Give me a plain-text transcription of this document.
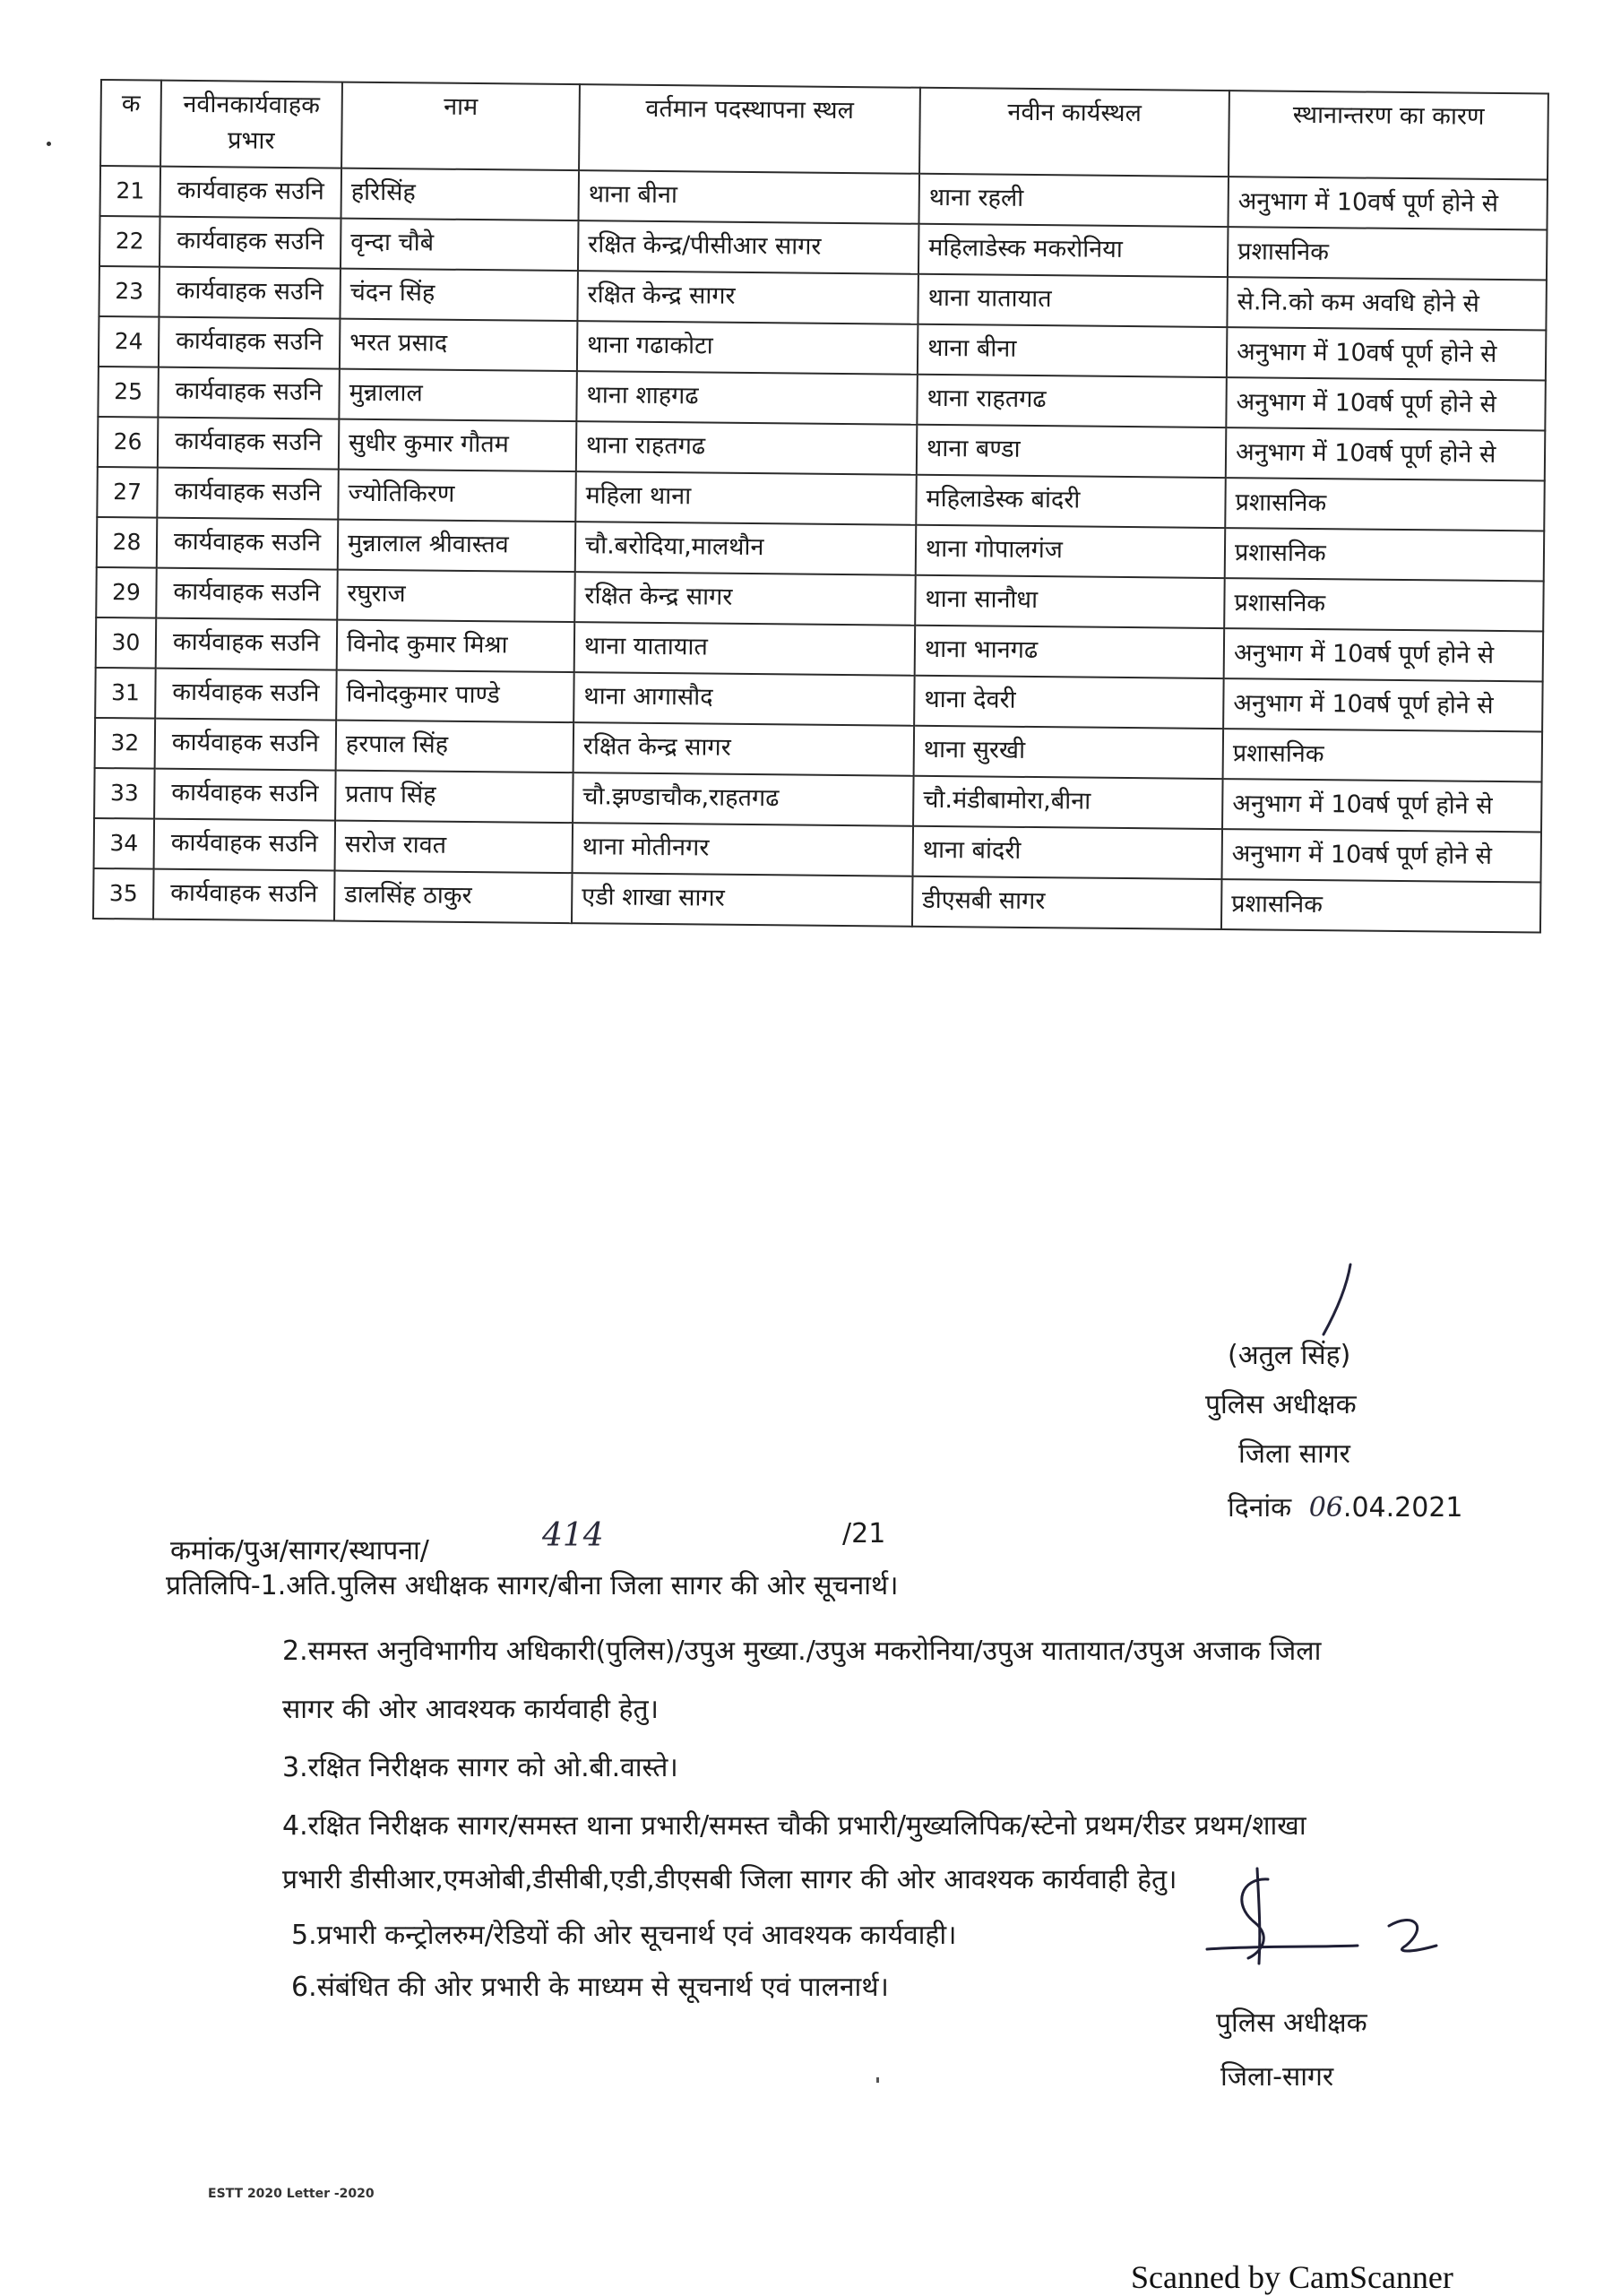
क	नवीनकार्यवाहक प्रभार	नाम	वर्तमान पदस्थापना स्थल	नवीन कार्यस्थल	स्थानान्तरण का कारण
21	कार्यवाहक सउनि	हरिसिंह	थाना बीना	थाना रहली	अनुभाग में 10वर्ष पूर्ण होने से
22	कार्यवाहक सउनि	वृन्दा चौबे	रक्षित केन्द्र/पीसीआर सागर	महिलाडेस्क मकरोनिया	प्रशासनिक
23	कार्यवाहक सउनि	चंदन सिंह	रक्षित केन्द्र सागर	थाना यातायात	से.नि.को कम अवधि होने से
24	कार्यवाहक सउनि	भरत प्रसाद	थाना गढाकोटा	थाना बीना	अनुभाग में 10वर्ष पूर्ण होने से
25	कार्यवाहक सउनि	मुन्नालाल	थाना शाहगढ	थाना राहतगढ	अनुभाग में 10वर्ष पूर्ण होने से
26	कार्यवाहक सउनि	सुधीर कुमार गौतम	थाना राहतगढ	थाना बण्डा	अनुभाग में 10वर्ष पूर्ण होने से
27	कार्यवाहक सउनि	ज्योतिकिरण	महिला थाना	महिलाडेस्क बांदरी	प्रशासनिक
28	कार्यवाहक सउनि	मुन्नालाल श्रीवास्तव	चौ.बरोदिया,मालथौन	थाना गोपालगंज	प्रशासनिक
29	कार्यवाहक सउनि	रघुराज	रक्षित केन्द्र सागर	थाना सानौधा	प्रशासनिक
30	कार्यवाहक सउनि	विनोद कुमार मिश्रा	थाना यातायात	थाना भानगढ	अनुभाग में 10वर्ष पूर्ण होने से
31	कार्यवाहक सउनि	विनोदकुमार पाण्डे	थाना आगासौद	थाना देवरी	अनुभाग में 10वर्ष पूर्ण होने से
32	कार्यवाहक सउनि	हरपाल सिंह	रक्षित केन्द्र सागर	थाना सुरखी	प्रशासनिक
33	कार्यवाहक सउनि	प्रताप सिंह	चौ.झण्डाचौक,राहतगढ	चौ.मंडीबामोरा,बीना	अनुभाग में 10वर्ष पूर्ण होने से
34	कार्यवाहक सउनि	सरोज रावत	थाना मोतीनगर	थाना बांदरी	अनुभाग में 10वर्ष पूर्ण होने से
35	कार्यवाहक सउनि	डालसिंह ठाकुर	एडी शाखा सागर	डीएसबी सागर	प्रशासनिक
(अतुल सिंह)
पुलिस अधीक्षक
जिला सागर
दिनांक 06.04.2021
कमांक/पुअ/सागर/स्थापना/	414	/21
प्रतिलिपि-1.अति.पुलिस अधीक्षक सागर/बीना जिला सागर की ओर सूचनार्थ।
2.समस्त अनुविभागीय अधिकारी(पुलिस)/उपुअ मुख्या./उपुअ मकरोनिया/उपुअ यातायात/उपुअ अजाक जिला
सागर की ओर आवश्यक कार्यवाही हेतु।
3.रक्षित निरीक्षक सागर को ओ.बी.वास्ते।
4.रक्षित निरीक्षक सागर/समस्त थाना प्रभारी/समस्त चौकी प्रभारी/मुख्यलिपिक/स्टेनो प्रथम/रीडर प्रथम/शाखा
प्रभारी डीसीआर,एमओबी,डीसीबी,एडी,डीएसबी जिला सागर की ओर आवश्यक कार्यवाही हेतु।
5.प्रभारी कन्ट्रोलरुम/रेडियों की ओर सूचनार्थ एवं आवश्यक कार्यवाही।
6.संबंधित की ओर प्रभारी के माध्यम से सूचनार्थ एवं पालनार्थ।
पुलिस अधीक्षक
जिला-सागर
ESTT 2020 Letter -2020
Scanned by CamScanner
